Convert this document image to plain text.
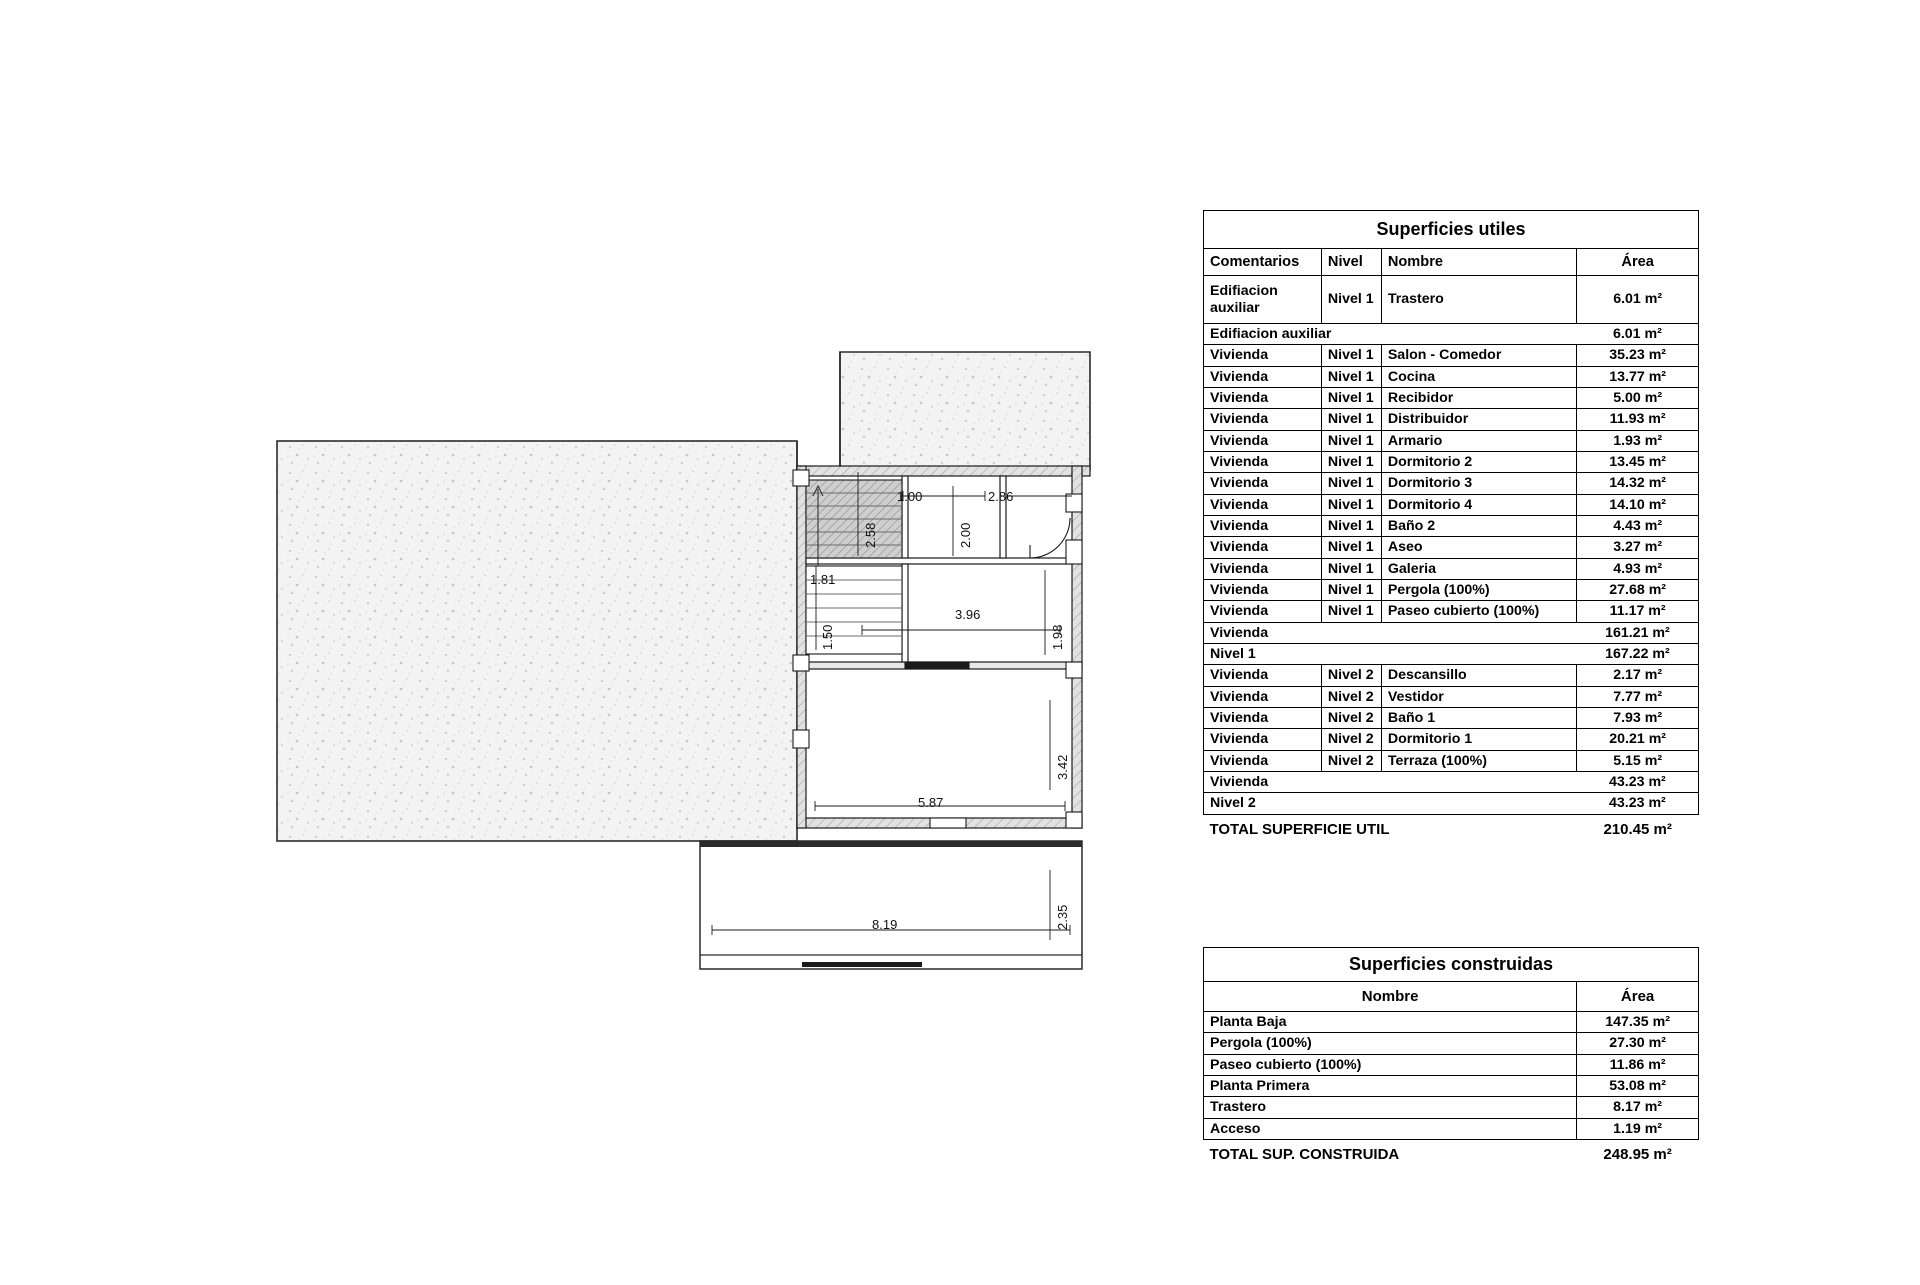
1.00	2.86
2.58	2.00
1.81
3.96
1.98
1.50
3.42
5.87
2.35
8.19
Superficies utiles			
Comentarios	Nivel	Nombre	Área
Edifiacion auxiliar	Nivel 1	Trastero	6.01 m²
Edifiacion auxiliar			6.01 m²
Vivienda	Nivel 1	Salon - Comedor	35.23 m²
Vivienda	Nivel 1	Cocina	13.77 m²
Vivienda	Nivel 1	Recibidor	5.00 m²
Vivienda	Nivel 1	Distribuidor	11.93 m²
Vivienda	Nivel 1	Armario	1.93 m²
Vivienda	Nivel 1	Dormitorio 2	13.45 m²
Vivienda	Nivel 1	Dormitorio 3	14.32 m²
Vivienda	Nivel 1	Dormitorio 4	14.10 m²
Vivienda	Nivel 1	Baño 2	4.43 m²
Vivienda	Nivel 1	Aseo	3.27 m²
Vivienda	Nivel 1	Galeria	4.93 m²
Vivienda	Nivel 1	Pergola (100%)	27.68 m²
Vivienda	Nivel 1	Paseo cubierto (100%)	11.17 m²
Vivienda			161.21 m²
Nivel 1			167.22 m²
Vivienda	Nivel 2	Descansillo	2.17 m²
Vivienda	Nivel 2	Vestidor	7.77 m²
Vivienda	Nivel 2	Baño 1	7.93 m²
Vivienda	Nivel 2	Dormitorio 1	20.21 m²
Vivienda	Nivel 2	Terraza (100%)	5.15 m²
Vivienda			43.23 m²
Nivel 2			43.23 m²
TOTAL SUPERFICIE UTIL			210.45 m²
Superficies construidas	
Nombre	Área
Planta Baja	147.35 m²
Pergola (100%)	27.30 m²
Paseo cubierto (100%)	11.86 m²
Planta Primera	53.08 m²
Trastero	8.17 m²
Acceso	1.19 m²
TOTAL SUP. CONSTRUIDA	248.95 m²
